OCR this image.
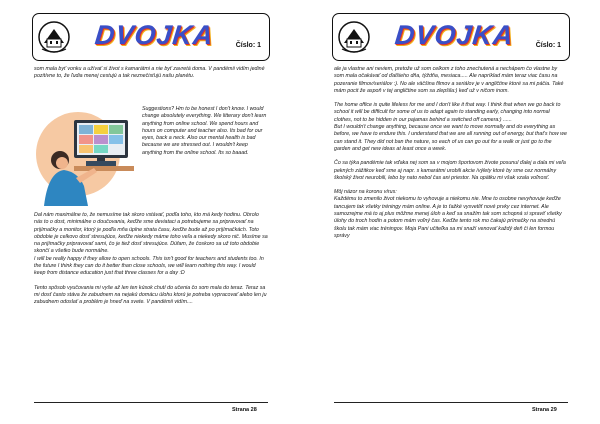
DVOJKA	Číslo: 1
som mala byť vonku a užívať si život s kamarátmi a nie byť zavretá doma. V pandémii vidím jediné pozitívne to, že ľudia menej cestujú a tak neznečisťujú našu planétu.
Suggestions? Hm to be honest I don't know. I would change absolutely everything. We litterary don't learn anything from online school. We spend hours and hours on computer and teacher also. Its bad for our eyes, back a neck. Also our mental health is bad because we are stressed out. I wouldn't keep anything from the online school. Its so baaad.

Dal nám maximálne to, že nemusíme tak skoro vstávať, podľa toho, kto má kedy hodinu. Obrolo nás to o dost, minimálne o doučovania, keďže sme deviataci a potrebujeme sa pripravovať na prijímačky a monitor, ktorý je podľa mňa úplne strata času, keďže bude až po prijímačkách. Toto obdobie je celkovo dosť stresujúce, keďže niekedy máme toho veľa a niekedy skoro nič. Musíme sa na prijímačky pripravovať sami, čo je tiež dosť stresujúce. Dúfam, že čoskoro sa už toto obdobie skončí a všetko bude normálne.

I will be really happy if they allow to open schools. This isn't good for teachers and students too. In the future I think they can do it better than close schools, we will learn nothing this way. I would keep from distance education just that three classes for a day :D

Tento spôsob vyučovania mi vyše až len ten kúsok chutí do učenia čo som mala do teraz. Teraz sa mi dosť často stáva že zabudnem na nejakú domácu úlohu ktorú je potreba vypracovať alebo len ju zabudnem odoslať a problém je hneď na svete. V pandémii vidím....

Strana 28
DVOJKA	Číslo: 1

ale ja vlastne ani neviem, pretože už som celkom z toho znechutená a nechápem čo vlastne by som mala očakávať od ďalšieho dňa, týždňa, mesiaca..... Ale napríklad mám teraz viac času na pozeranie filmov/seriálov :). No ale väčšina filmov a seriálov je v angličtine ktoré sa mi páčia. Také mám pocit že aspoň v tej angličtine som sa zlepšila:) keď už v ničom inom.

The home office is quite lifeless for me and I don't like it that way. I think that when we go back to school it will be difficult for some of us to adapt again to standing early, changing into normal clothes, not to be hidden in our pajamas behind a switched off camera:) ......
But I wouldn't change anything, because once we want to move normally and do everything as before, we have to endure this. I understand that we are all running out of energy, but that's how we can stand it. They did not ban the nature, so each of us can go out for a walk or just go to the garden and get new ideas at least once a week.

Čo sa týka pandémie tak vďaka nej som sa v mojom športovom živote posunul ďalej a dala mi veľa pekných zážitkov keď sme aj napr. s kamarátmi urobili akcie /výlety ktoré by sme cez normálny školský život neurobili, lebo by nato nebol čas ani priestor. Na opätku mi však vzala voľnosť.

Môj názor na koronu vírus:

Každému to zmenilo život niekomu to vyhovuje a niekomu nie. Mne to osobne nevyhovuje keďže tancujem tak všetky tréningy mám online. A je to ťažké vysvetliť nové prvky cez internet. Ale samozrejme má to aj plus môžme menej úloh a keď sa snažím tak som schopná si spraviť všetky úlohy do troch hodín a potom mám voľný čas. Keďže tento rok mo čakajú prímačky na strednú školu tak mám viac tréningov. Moja Pani učiteľka sa mi snaží venovať každý deň či len formou správy

Strana 29
